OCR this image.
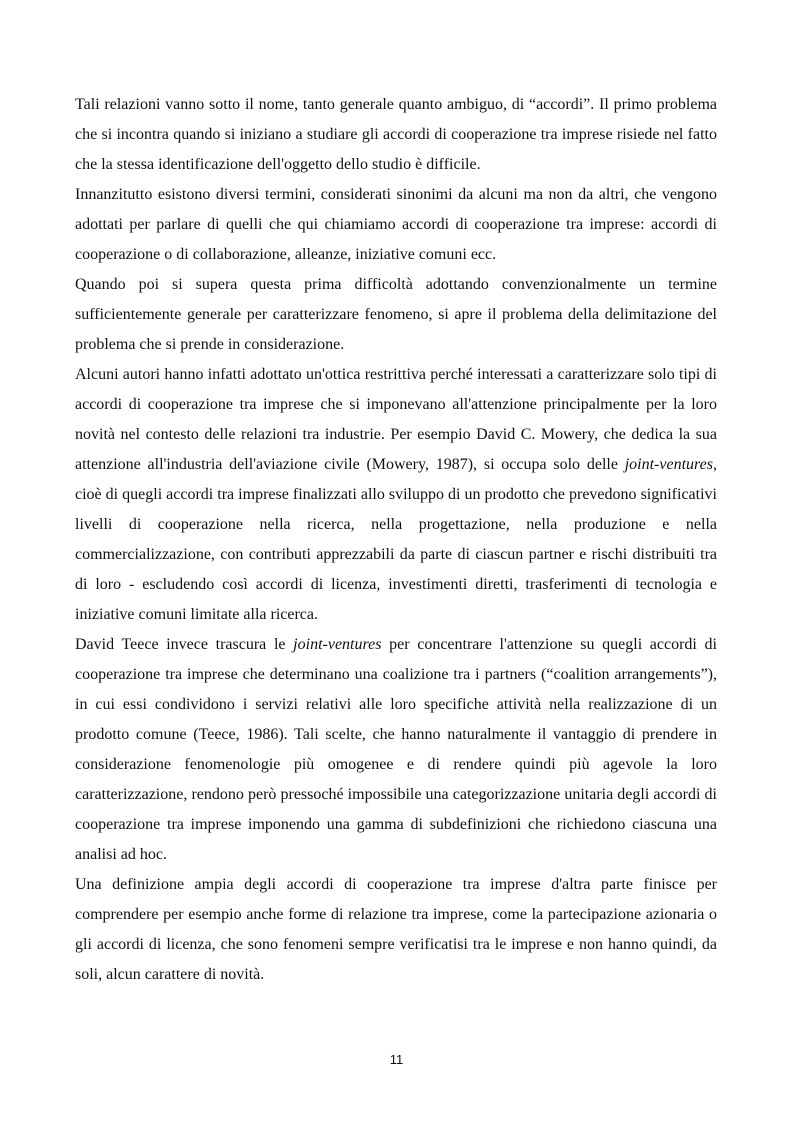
Tali relazioni vanno sotto il nome, tanto generale quanto ambiguo, di “accordi”. Il primo problema che si incontra quando si iniziano a studiare gli accordi di cooperazione tra imprese risiede nel fatto che la stessa identificazione dell'oggetto dello studio è difficile.

Innanzitutto esistono diversi termini, considerati sinonimi da alcuni ma non da altri, che vengono adottati per parlare di quelli che qui chiamiamo accordi di cooperazione tra imprese: accordi di cooperazione o di collaborazione, alleanze, iniziative comuni ecc.

Quando poi si supera questa prima difficoltà adottando convenzionalmente un termine sufficientemente generale per caratterizzare fenomeno, si apre il problema della delimitazione del problema che si prende in considerazione.

Alcuni autori hanno infatti adottato un'ottica restrittiva perché interessati a caratterizzare solo tipi di accordi di cooperazione tra imprese che si imponevano all'attenzione principalmente per la loro novità nel contesto delle relazioni tra industrie. Per esempio David C. Mowery, che dedica la sua attenzione all'industria dell'aviazione civile (Mowery, 1987), si occupa solo delle joint-ventures, cioè di quegli accordi tra imprese finalizzati allo sviluppo di un prodotto che prevedono significativi livelli di cooperazione nella ricerca, nella progettazione, nella produzione e nella commercializzazione, con contributi apprezzabili da parte di ciascun partner e rischi distribuiti tra di loro - escludendo così accordi di licenza, investimenti diretti, trasferimenti di tecnologia e iniziative comuni limitate alla ricerca.

David Teece invece trascura le joint-ventures per concentrare l'attenzione su quegli accordi di cooperazione tra imprese che determinano una coalizione tra i partners (“coalition arrangements”), in cui essi condividono i servizi relativi alle loro specifiche attività nella realizzazione di un prodotto comune (Teece, 1986). Tali scelte, che hanno naturalmente il vantaggio di prendere in considerazione fenomenologie più omogenee e di rendere quindi più agevole la loro caratterizzazione, rendono però pressoché impossibile una categorizzazione unitaria degli accordi di cooperazione tra imprese imponendo una gamma di subdefinizioni che richiedono ciascuna una analisi ad hoc.

Una definizione ampia degli accordi di cooperazione tra imprese d'altra parte finisce per comprendere per esempio anche forme di relazione tra imprese, come la partecipazione azionaria o gli accordi di licenza, che sono fenomeni sempre verificatisi tra le imprese e non hanno quindi, da soli, alcun carattere di novità.

11
